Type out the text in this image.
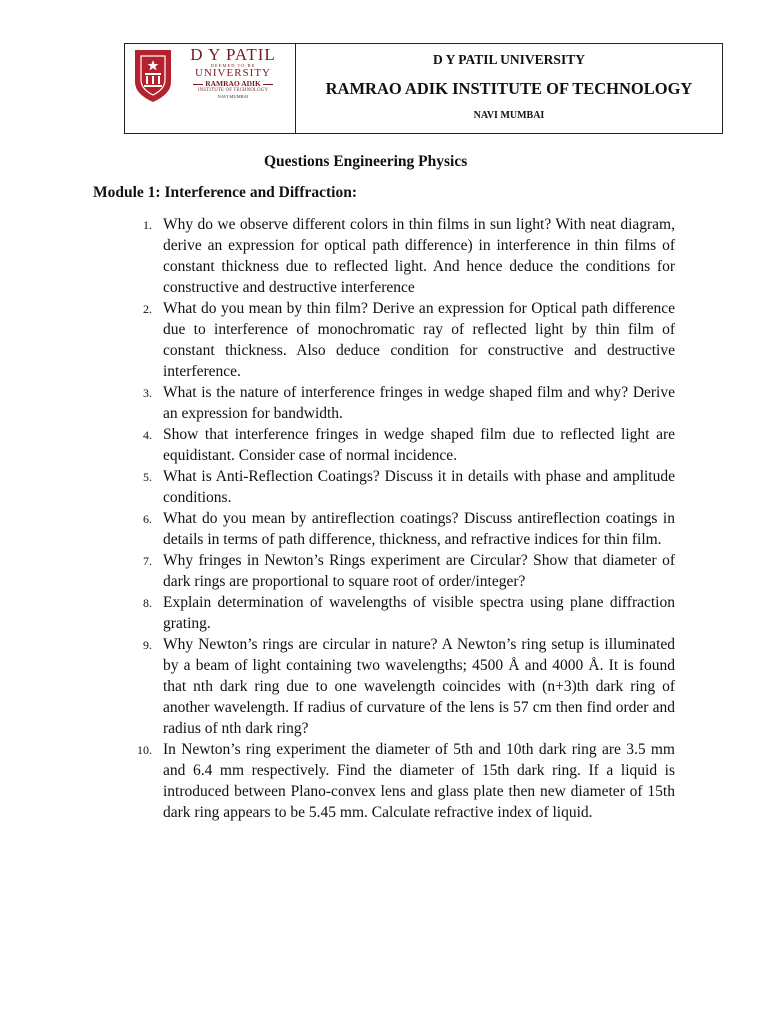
D Y PATIL
DEEMED TO BE
UNIVERSITY
RAMRAO ADIK
INSTITUTE OF TECHNOLOGY
NAVI MUMBAI
D Y PATIL UNIVERSITY
RAMRAO ADIK INSTITUTE OF TECHNOLOGY
NAVI MUMBAI
Questions Engineering Physics
Module 1: Interference and Diffraction:
1. Why do we observe different colors in thin films in sun light? With neat diagram, derive an expression for optical path difference) in interference in thin films of constant thickness due to reflected light. And hence deduce the conditions for constructive and destructive interference
2. What do you mean by thin film? Derive an expression for Optical path difference due to interference of monochromatic ray of reflected light by thin film of constant thickness. Also deduce condition for constructive and destructive interference.
3. What is the nature of interference fringes in wedge shaped film and why? Derive an expression for bandwidth.
4. Show that interference fringes in wedge shaped film due to reflected light are equidistant. Consider case of normal incidence.
5. What is Anti-Reflection Coatings? Discuss it in details with phase and amplitude conditions.
6. What do you mean by antireflection coatings? Discuss antireflection coatings in details in terms of path difference, thickness, and refractive indices for thin film.
7. Why fringes in Newton’s Rings experiment are Circular? Show that diameter of dark rings are proportional to square root of order/integer?
8. Explain determination of wavelengths of visible spectra using plane diffraction grating.
9. Why Newton’s rings are circular in nature? A Newton’s ring setup is illuminated by a beam of light containing two wavelengths; 4500 Å and 4000 Å. It is found that nth dark ring due to one wavelength coincides with (n+3)th dark ring of another wavelength. If radius of curvature of the lens is 57 cm then find order and radius of nth dark ring?
10. In Newton’s ring experiment the diameter of 5th and 10th dark ring are 3.5 mm and 6.4 mm respectively. Find the diameter of 15th dark ring. If a liquid is introduced between Plano-convex lens and glass plate then new diameter of 15th dark ring appears to be 5.45 mm. Calculate refractive index of liquid.
